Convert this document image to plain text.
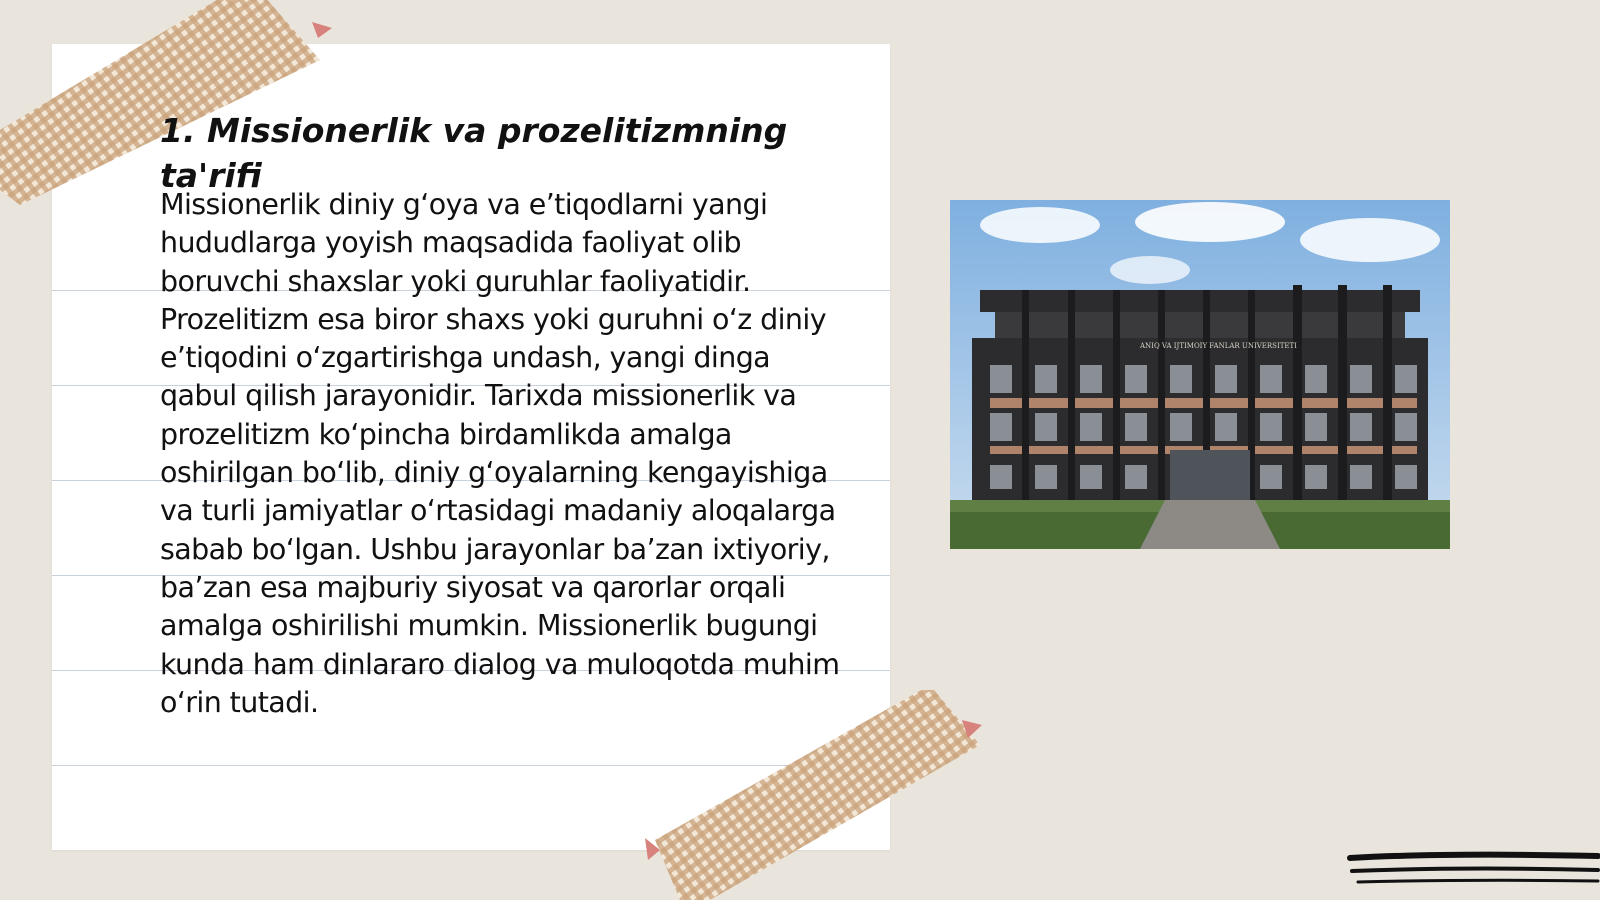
1. Missionerlik va prozelitizmning ta'rifi

Missionerlik diniy g‘oya va e’tiqodlarni yangi hududlarga yoyish maqsadida faoliyat olib boruvchi shaxslar yoki guruhlar faoliyatidir. Prozelitizm esa biror shaxs yoki guruhni o‘z diniy e’tiqodini o‘zgartirishga undash, yangi dinga qabul qilish jarayonidir. Tarixda missionerlik va prozelitizm ko‘pincha birdamlikda amalga oshirilgan bo‘lib, diniy g‘oyalarning kengayishiga va turli jamiyatlar o‘rtasidagi madaniy aloqalarga sabab bo‘lgan. Ushbu jarayonlar ba’zan ixtiyoriy, ba’zan esa majburiy siyosat va qarorlar orqali amalga oshirilishi mumkin. Missionerlik bugungi kunda ham dinlararo dialog va muloqotda muhim o‘rin tutadi.

ANIQ VA IJTIMOIY FANLAR UNIVERSITETI
